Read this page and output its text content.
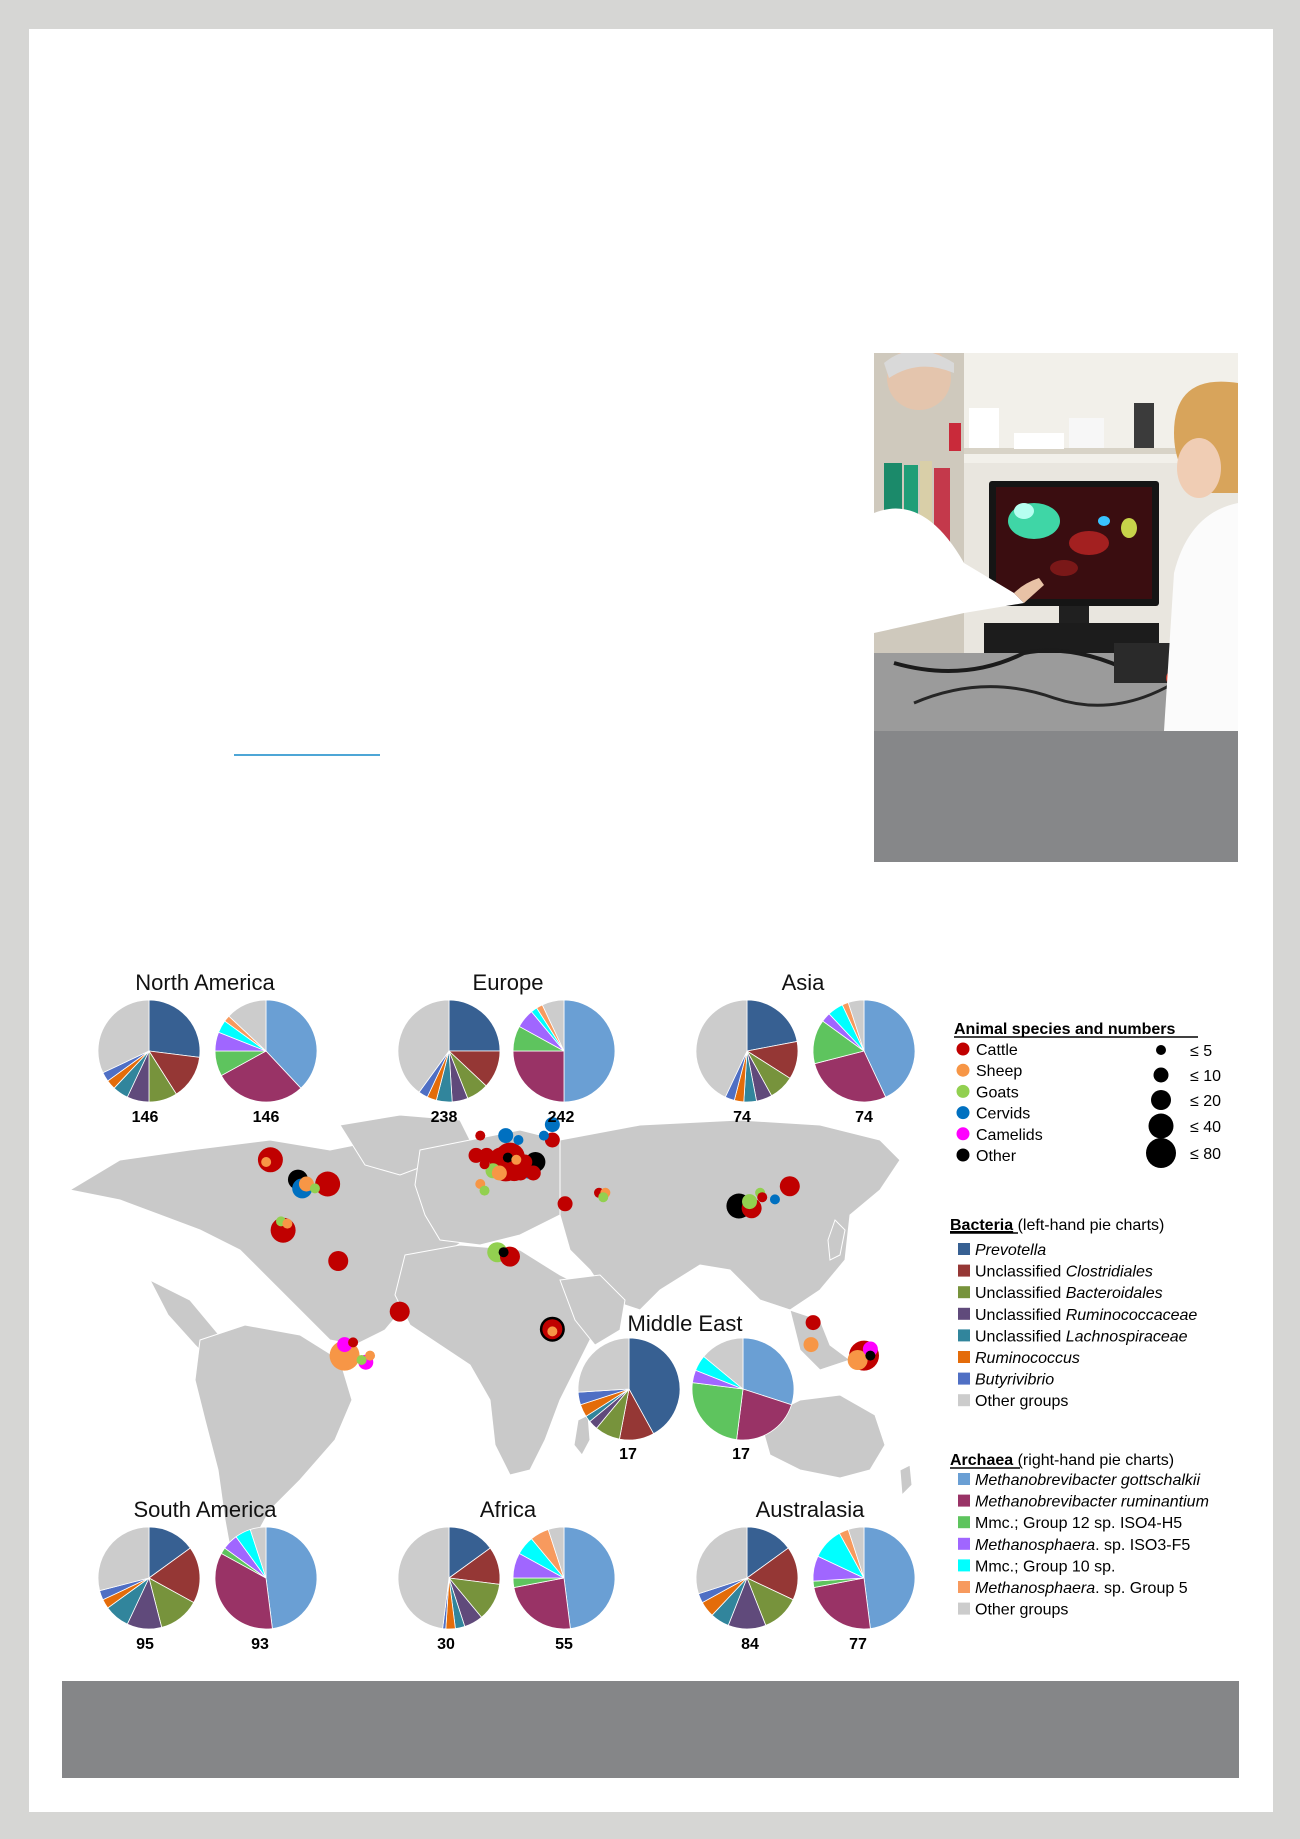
North America
146	146
Europe
238	242
Asia
74	74
Middle East
17	17
South America
95	93
Africa
30	55
Australasia
84	77
Animal species and numbers
Cattle
Sheep
Goats
Cervids
Camelids
Other
≤ 5
≤ 10
≤ 20
≤ 40
≤ 80
Bacteria (left-hand pie charts)
Prevotella
Unclassified Clostridiales
Unclassified Bacteroidales
Unclassified Ruminococcaceae
Unclassified Lachnospiraceae
Ruminococcus
Butyrivibrio
Other groups
Archaea (right-hand pie charts)
Methanobrevibacter gottschalkii
Methanobrevibacter ruminantium
Mmc.; Group 12 sp. ISO4-H5
Methanosphaera. sp. ISO3-F5
Mmc.; Group 10 sp.
Methanosphaera. sp. Group 5
Other groups
